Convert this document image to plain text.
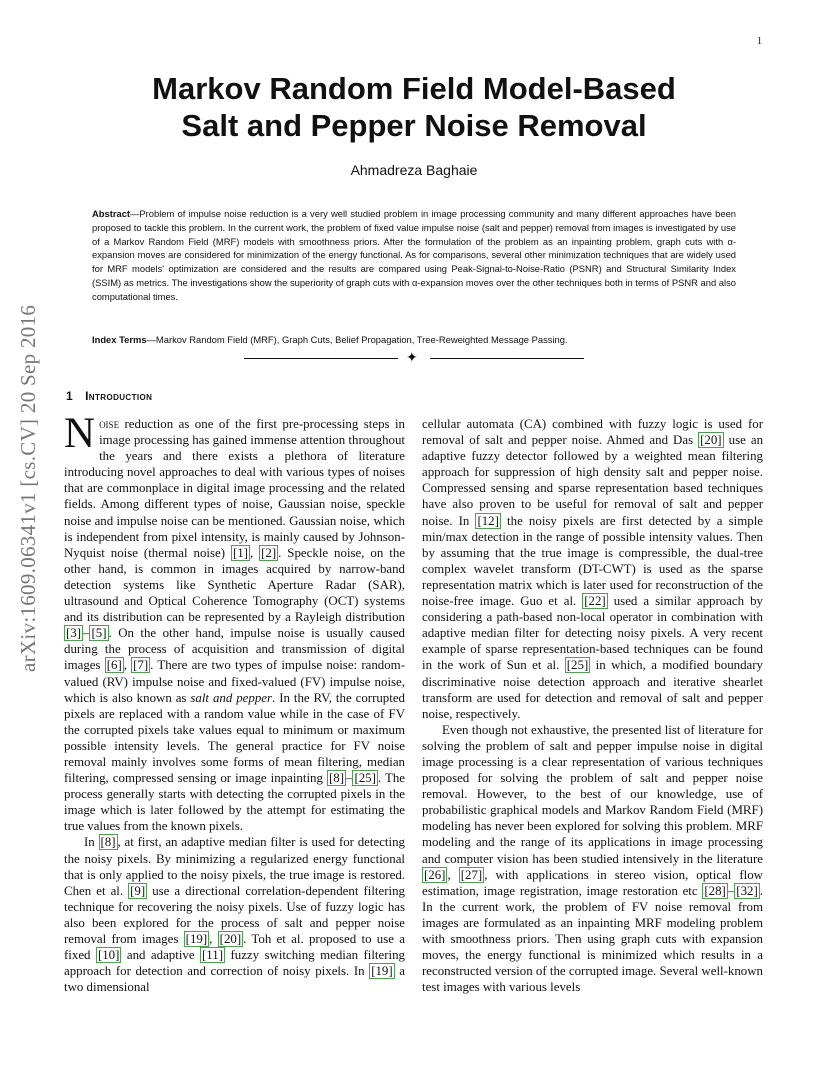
1
arXiv:1609.06341v1 [cs.CV] 20 Sep 2016
Markov Random Field Model-Based
Salt and Pepper Noise Removal
Ahmadreza Baghaie

Abstract—Problem of impulse noise reduction is a very well studied problem in image processing community and many different approaches have been proposed to tackle this problem. In the current work, the problem of fixed value impulse noise (salt and pepper) removal from images is investigated by use of a Markov Random Field (MRF) models with smoothness priors. After the formulation of the problem as an inpainting problem, graph cuts with α-expansion moves are considered for minimization of the energy functional. As for comparisons, several other minimization techniques that are widely used for MRF models' optimization are considered and the results are compared using Peak-Signal-to-Noise-Ratio (PSNR) and Structural Similarity Index (SSIM) as metrics. The investigations show the superiority of graph cuts with α-expansion moves over the other techniques both in terms of PSNR and also computational times.

Index Terms—Markov Random Field (MRF), Graph Cuts, Belief Propagation, Tree-Reweighted Message Passing.

✦
1 Introduction

Noise reduction as one of the first pre-processing steps in image processing has gained immense attention throughout the years and there exists a plethora of literature introducing novel approaches to deal with various types of noises that are commonplace in digital image processing and the related fields. Among different types of noise, Gaussian noise, speckle noise and impulse noise can be mentioned. Gaussian noise, which is independent from pixel intensity, is mainly caused by Johnson-Nyquist noise (thermal noise) [1] , [2] . Speckle noise, on the other hand, is common in images acquired by narrow-band detection systems like Synthetic Aperture Radar (SAR), ultrasound and Optical Coherence Tomography (OCT) systems and its distribution can be represented by a Rayleigh distribution [3] – [5] . On the other hand, impulse noise is usually caused during the process of acquisition and transmission of digital images [6] , [7] . There are two types of impulse noise: random-valued (RV) impulse noise and fixed-valued (FV) impulse noise, which is also known as salt and pepper. In the RV, the corrupted pixels are replaced with a random value while in the case of FV the corrupted pixels take values equal to minimum or maximum possible intensity levels. The general practice for FV noise removal mainly involves some forms of mean filtering, median filtering, compressed sensing or image inpainting [8] – [25] . The process generally starts with detecting the corrupted pixels in the image which is later followed by the attempt for estimating the true values from the known pixels.

In [8] , at first, an adaptive median filter is used for detecting the noisy pixels. By minimizing a regularized energy functional that is only applied to the noisy pixels, the true image is restored. Chen et al. [9] use a directional correlation-dependent filtering technique for recovering the noisy pixels. Use of fuzzy logic has also been explored for the process of salt and pepper noise removal from images [19] , [20] . Toh et al. proposed to use a fixed [10] and adaptive [11] fuzzy switching median filtering approach for detection and correction of noisy pixels. In [19] a two dimensional

cellular automata (CA) combined with fuzzy logic is used for removal of salt and pepper noise. Ahmed and Das [20] use an adaptive fuzzy detector followed by a weighted mean filtering approach for suppression of high density salt and pepper noise. Compressed sensing and sparse representation based techniques have also proven to be useful for removal of salt and pepper noise. In [12] the noisy pixels are first detected by a simple min/max detection in the range of possible intensity values. Then by assuming that the true image is compressible, the dual-tree complex wavelet transform (DT-CWT) is used as the sparse representation matrix which is later used for reconstruction of the noise-free image. Guo et al. [22] used a similar approach by considering a path-based non-local operator in combination with adaptive median filter for detecting noisy pixels. A very recent example of sparse representation-based techniques can be found in the work of Sun et al. [25] in which, a modified boundary discriminative noise detection approach and iterative shearlet transform are used for detection and removal of salt and pepper noise, respectively.

Even though not exhaustive, the presented list of literature for solving the problem of salt and pepper impulse noise in digital image processing is a clear representation of various techniques proposed for solving the problem of salt and pepper noise removal. However, to the best of our knowledge, use of probabilistic graphical models and Markov Random Field (MRF) modeling has never been explored for solving this problem. MRF modeling and the range of its applications in image processing and computer vision has been studied intensively in the literature [26] , [27] , with applications in stereo vision, optical flow estimation, image registration, image restoration etc [28] – [32] . In the current work, the problem of FV noise removal from images are formulated as an inpainting MRF modeling problem with smoothness priors. Then using graph cuts with expansion moves, the energy functional is minimized which results in a reconstructed version of the corrupted image. Several well-known test images with various levels
